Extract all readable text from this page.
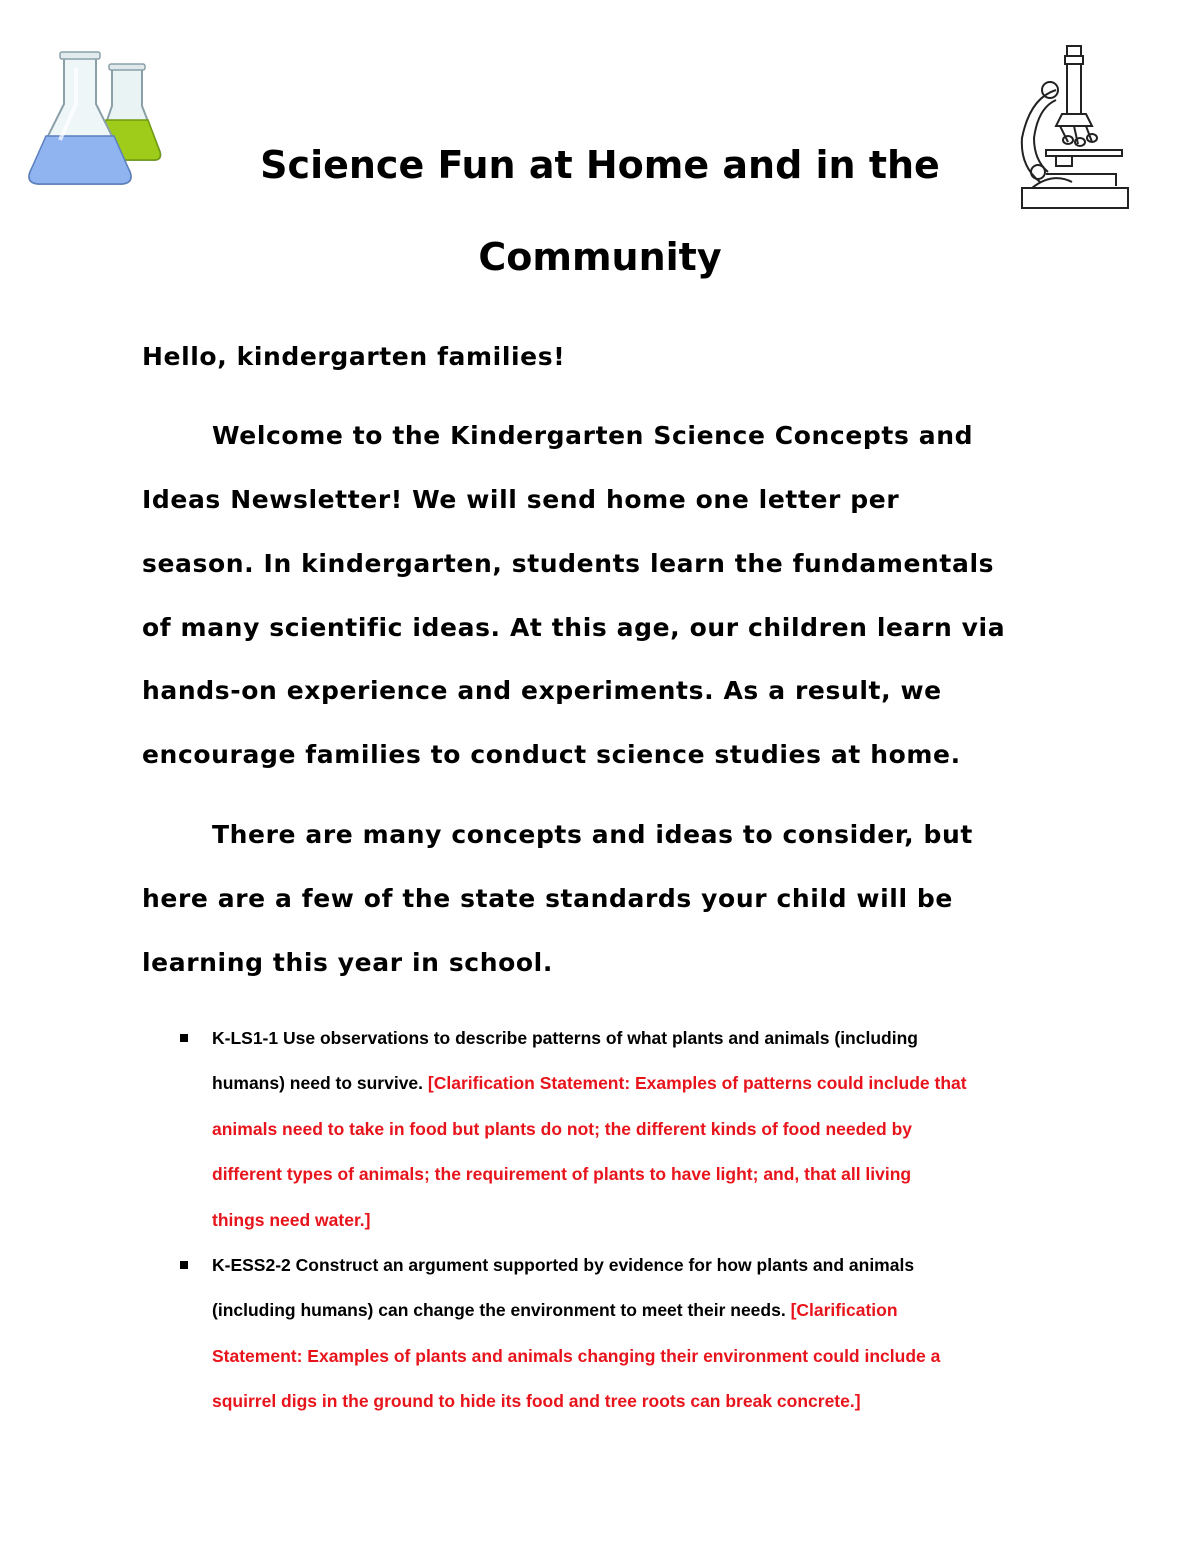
Science Fun at Home and in the
Community
Hello, kindergarten families!
Welcome to the Kindergarten Science Concepts and
Ideas Newsletter! We will send home one letter per
season. In kindergarten, students learn the fundamentals
of many scientific ideas. At this age, our children learn via
hands-on experience and experiments. As a result, we
encourage families to conduct science studies at home.
There are many concepts and ideas to consider, but
here are a few of the state standards your child will be
learning this year in school.
K-LS1-1 Use observations to describe patterns of what plants and animals (including
humans) need to survive. [Clarification Statement: Examples of patterns could include that
animals need to take in food but plants do not; the different kinds of food needed by
different types of animals; the requirement of plants to have light; and, that all living
things need water.]
K-ESS2-2 Construct an argument supported by evidence for how plants and animals
(including humans) can change the environment to meet their needs. [Clarification
Statement: Examples of plants and animals changing their environment could include a
squirrel digs in the ground to hide its food and tree roots can break concrete.]
